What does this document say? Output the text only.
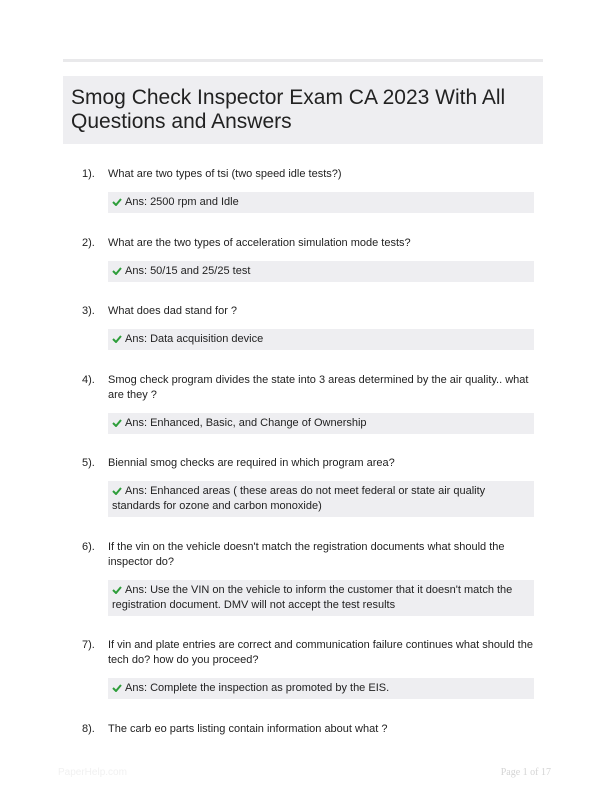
Smog Check Inspector Exam CA 2023 With All Questions and Answers
1). What are two types of tsi (two speed idle tests?)
Ans: 2500 rpm and Idle
2). What are the two types of acceleration simulation mode tests?
Ans: 50/15 and 25/25 test
3). What does dad stand for ?
Ans: Data acquisition device
4). Smog check program divides the state into 3 areas determined by the air quality.. what are they ?
Ans: Enhanced, Basic, and Change of Ownership
5). Biennial smog checks are required in which program area?
Ans: Enhanced areas ( these areas do not meet federal or state air quality standards for ozone and carbon monoxide)
6). If the vin on the vehicle doesn't match the registration documents what should the inspector do?
Ans: Use the VIN on the vehicle to inform the customer that it doesn't match the registration document. DMV will not accept the test results
7). If vin and plate entries are correct and communication failure continues what should the tech do? how do you proceed?
Ans: Complete the inspection as promoted by the EIS.
8). The carb eo parts listing contain information about what ?
PaperHelp.com	Page 1 of 17
